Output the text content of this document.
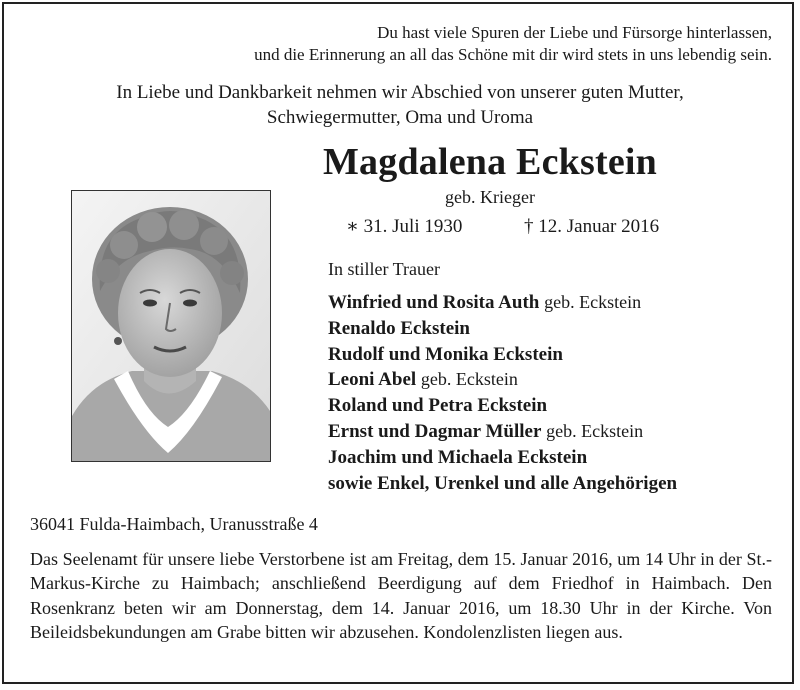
Du hast viele Spuren der Liebe und Fürsorge hinterlassen,
und die Erinnerung an all das Schöne mit dir wird stets in uns lebendig sein.
In Liebe und Dankbarkeit nehmen wir Abschied von unserer guten Mutter,
Schwiegermutter, Oma und Uroma
Magdalena Eckstein
geb. Krieger
∗ 31. Juli 1930	† 12. Januar 2016
In stiller Trauer
Winfried und Rosita Auth geb. Eckstein
Renaldo Eckstein
Rudolf und Monika Eckstein
Leoni Abel geb. Eckstein
Roland und Petra Eckstein
Ernst und Dagmar Müller geb. Eckstein
Joachim und Michaela Eckstein
sowie Enkel, Urenkel und alle Angehörigen
36041 Fulda-Haimbach, Uranusstraße 4

Das Seelenamt für unsere liebe Verstorbene ist am Freitag, dem 15. Januar 2016, um 14 Uhr in der St.-Markus-Kirche zu Haimbach; anschließend Beerdigung auf dem Friedhof in Haimbach. Den Rosenkranz beten wir am Donnerstag, dem 14. Januar 2016, um 18.30 Uhr in der Kirche. Von Beileidsbekundungen am Grabe bitten wir abzusehen. Kondolenzlisten liegen aus.
